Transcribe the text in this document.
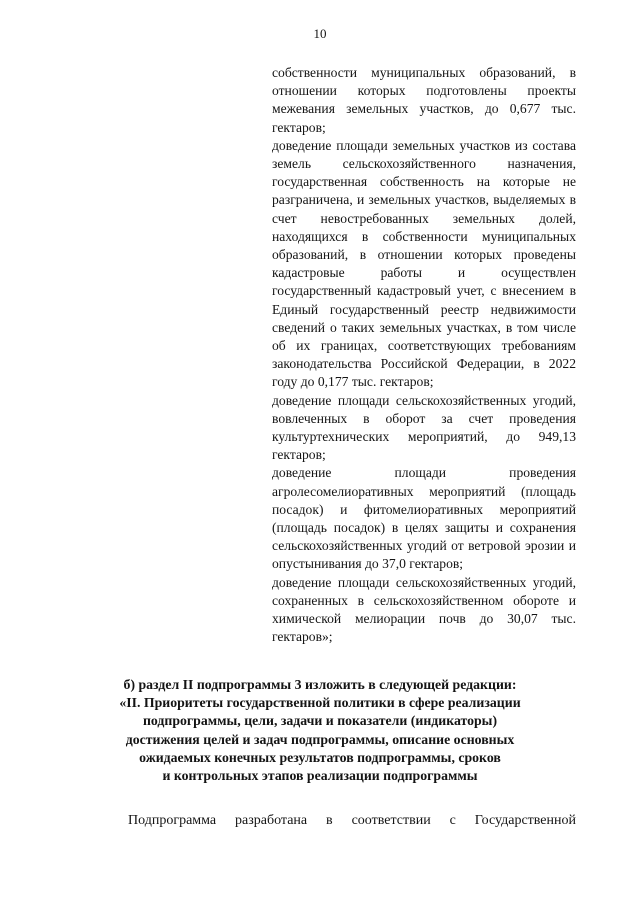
10

собственности муниципальных образований, в отношении которых подготовлены проекты межевания земельных участков, до 0,677 тыс. гектаров;

доведение площади земельных участков из состава земель сельскохозяйственного назначения, государственная собственность на которые не разграничена, и земельных участков, выделяемых в счет невостребованных земельных долей, находящихся в собственности муниципальных образований, в отношении которых проведены кадастровые работы и осуществлен государственный кадастровый учет, с внесением в Единый государственный реестр недвижимости сведений о таких земельных участках, в том числе об их границах, соответствующих требованиям законодательства Российской Федерации, в 2022 году до 0,177 тыс. гектаров;

доведение площади сельскохозяйственных угодий, вовлеченных в оборот за счет проведения культуртехнических мероприятий, до 949,13 гектаров;

доведение площади проведения агролесомелиоративных мероприятий (площадь посадок) и фитомелиоративных мероприятий (площадь посадок) в целях защиты и сохранения сельскохозяйственных угодий от ветровой эрозии и опустынивания до 37,0 гектаров;

доведение площади сельскохозяйственных угодий, сохраненных в сельскохозяйственном обороте и химической мелиорации почв до 30,07 тыс. гектаров»;

б) раздел II подпрограммы 3 изложить в следующей редакции:
«II. Приоритеты государственной политики в сфере реализации
подпрограммы, цели, задачи и показатели (индикаторы)
достижения целей и задач подпрограммы, описание основных
ожидаемых конечных результатов подпрограммы, сроков
и контрольных этапов реализации подпрограммы
Подпрограмма разработана в соответствии с Государственной
